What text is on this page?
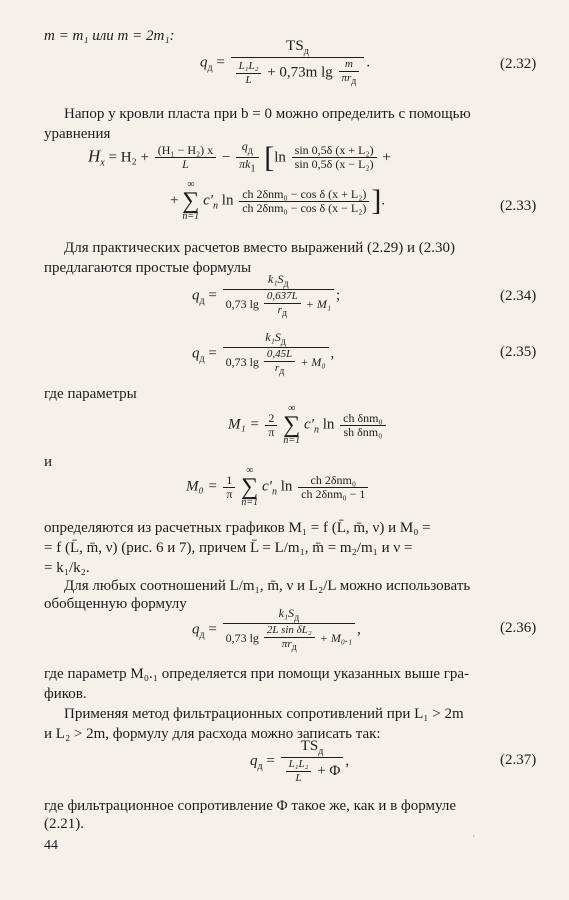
m = m₁ или m = 2m₁:
$q_д = \frac{TS_д}{\frac{\text{L₁L₂}}{L} + 0,73m \lg \frac{m}{\pi r_д}}$ .	(2.32)
Напор у кровли пласта при b = 0 можно определить с помощью
уравнения
$H_x = H_2 + \frac{\text{(H₁ − H₂) x}}{L} - \frac{q_д}{\pi k_1} [\ln \frac{\text{sin 0,5δ (x + L₂)}}{\text{sin 0,5δ (x − L₂)}}$ +
+ ∞
∑
n=1 $c'_n$ $\ln \frac{\text{ch 2δnm₀ − cos δ (x + L₂)}}{\text{ch 2δnm₀ − cos δ (x − L₂)}}$ ].	(2.33)
Для практических расчетов вместо выражений (2.29) и (2.30)
предлагаются простые формулы
$q_д = \frac{k_1S_д}{0,73 \lg \frac{0,637L}{r_д} + M_1}$ ;	(2.34)
$q_д = \frac{k_1S_д}{0,73 \lg \frac{0,45L}{r_д} + M_0}$ ,	(2.35)
где параметры
$M_1 = \frac{2}{\pi}$
∞
∑
n=1 $c'_n$ $\ln \frac{\text{ch δnm₀}}{\text{sh δnm₀}}$
и
$M_0 = \frac{1}{\pi}$
∞
∑
n=1 $c'_n$ $\ln \frac{\text{ch 2δnm₀}}{\text{ch 2δnm₀ − 1}}$
определяются из расчетных графиков M₁ = f (L̄, m̄, ν) и M₀ =
= f (L̄, m̄, ν) (рис. 6 и 7), причем L̄ = L/m₁, m̄ = m₂/m₁ и ν =
= k₁/k₂.
Для любых соотношений L/m₁, m̄, ν и L₂/L можно использовать
обобщенную формулу
$q_д = \frac{k_1S_д}{0,73 \lg \frac{\text{2L sin δL₂}}{\pi r_д} + M_0._1}$ ,	(2.36)
где параметр M₀.₁ определяется при помощи указанных выше гра-
фиков.
Применяя метод фильтрационных сопротивлений при L₁ > 2m
и L₂ > 2m, формулу для расхода можно записать так:
$q_д = \frac{TS_д}{\frac{\text{L₁L₂}}{L} + \Phi}$ ,	(2.37)
где фильтрационное сопротивление Φ такое же, как и в формуле
(2.21).
44	ʼ
